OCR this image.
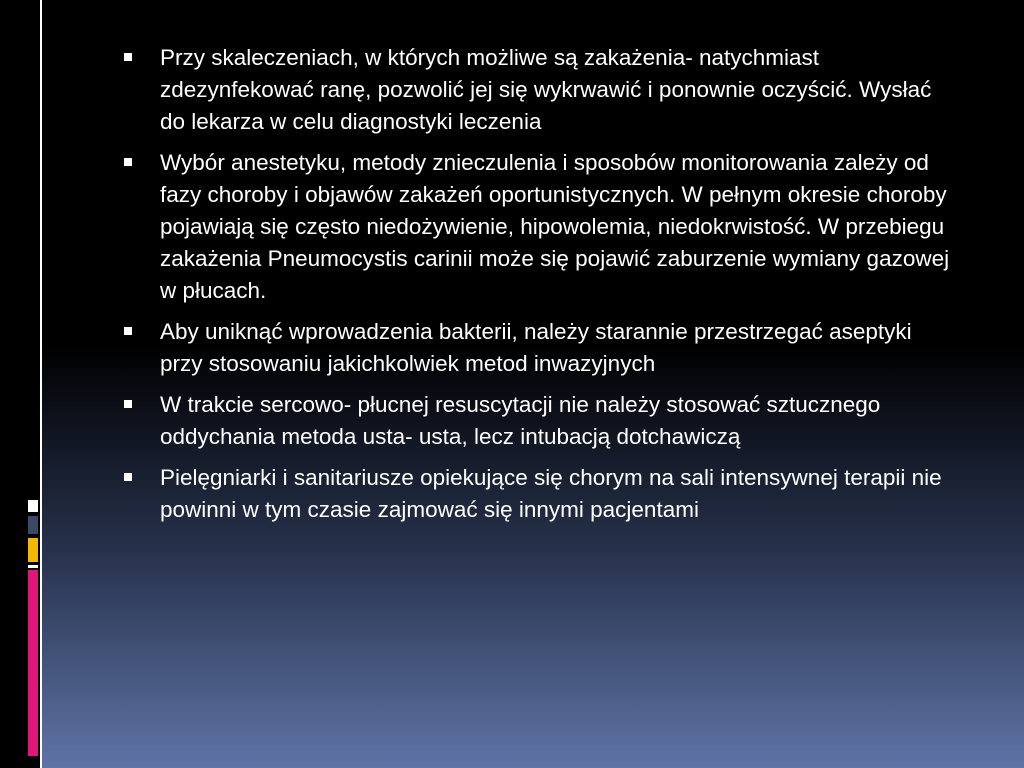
Przy skaleczeniach, w których możliwe są zakażenia- natychmiast zdezynfekować ranę, pozwolić jej się wykrwawić i ponownie oczyścić. Wysłać do lekarza w celu diagnostyki leczenia
Wybór anestetyku, metody znieczulenia i sposobów monitorowania zależy od fazy choroby i objawów zakażeń oportunistycznych. W pełnym okresie choroby pojawiają się często niedożywienie, hipowolemia, niedokrwistość. W przebiegu zakażenia Pneumocystis carinii może się pojawić zaburzenie wymiany gazowej w płucach.
Aby uniknąć wprowadzenia bakterii, należy starannie przestrzegać aseptyki przy stosowaniu jakichkolwiek metod inwazyjnych
W trakcie sercowo- płucnej resuscytacji nie należy stosować sztucznego oddychania metoda usta- usta, lecz intubacją dotchawiczą
Pielęgniarki i sanitariusze opiekujące się chorym na sali intensywnej terapii nie powinni w tym czasie zajmować się innymi pacjentami
